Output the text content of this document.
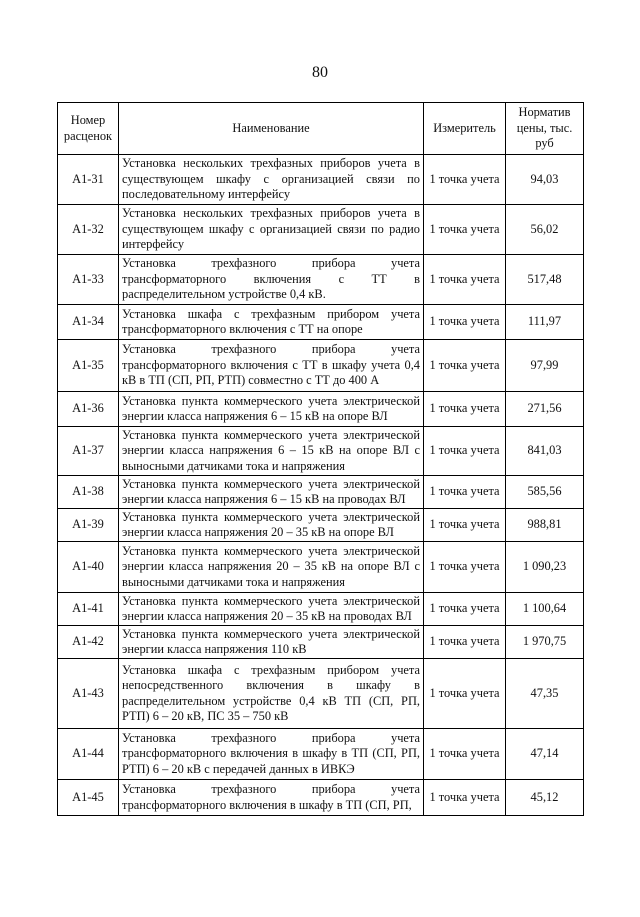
80
Номер расценок	Наименование	Измеритель	Норматив цены, тыс. руб
А1-31	Установка нескольких трехфазных приборов учета в существующем шкафу с организацией связи по последовательному интерфейсу	1 точка учета	94,03
А1-32	Установка нескольких трехфазных приборов учета в существующем шкафу с организацией связи по радио интерфейсу	1 точка учета	56,02
А1-33	Установка трехфазного прибора учета трансформаторного включения с ТТ в распределительном устройстве 0,4 кВ.	1 точка учета	517,48
А1-34	Установка шкафа с трехфазным прибором учета трансформаторного включения с ТТ на опоре	1 точка учета	111,97
А1-35	Установка трехфазного прибора учета трансформаторного включения с ТТ в шкафу учета 0,4 кВ в ТП (СП, РП, РТП) совместно с ТТ до 400 А	1 точка учета	97,99
А1-36	Установка пункта коммерческого учета электрической энергии класса напряжения 6 – 15 кВ на опоре ВЛ	1 точка учета	271,56
А1-37	Установка пункта коммерческого учета электрической энергии класса напряжения 6 – 15 кВ на опоре ВЛ с выносными датчиками тока и напряжения	1 точка учета	841,03
А1-38	Установка пункта коммерческого учета электрической энергии класса напряжения 6 – 15 кВ на проводах ВЛ	1 точка учета	585,56
А1-39	Установка пункта коммерческого учета электрической энергии класса напряжения 20 – 35 кВ на опоре ВЛ	1 точка учета	988,81
А1-40	Установка пункта коммерческого учета электрической энергии класса напряжения 20 – 35 кВ на опоре ВЛ с выносными датчиками тока и напряжения	1 точка учета	1 090,23
А1-41	Установка пункта коммерческого учета электрической энергии класса напряжения 20 – 35 кВ на проводах ВЛ	1 точка учета	1 100,64
А1-42	Установка пункта коммерческого учета электрической энергии класса напряжения 110 кВ	1 точка учета	1 970,75
А1-43	Установка шкафа с трехфазным прибором учета непосредственного включения в шкафу в распределительном устройстве 0,4 кВ ТП (СП, РП, РТП) 6 – 20 кВ, ПС 35 – 750 кВ	1 точка учета	47,35
А1-44	Установка трехфазного прибора учета трансформаторного включения в шкафу в ТП (СП, РП, РТП) 6 – 20 кВ с передачей данных в ИВКЭ	1 точка учета	47,14
А1-45	Установка трехфазного прибора учета трансформаторного включения в шкафу в ТП (СП, РП,	1 точка учета	45,12
